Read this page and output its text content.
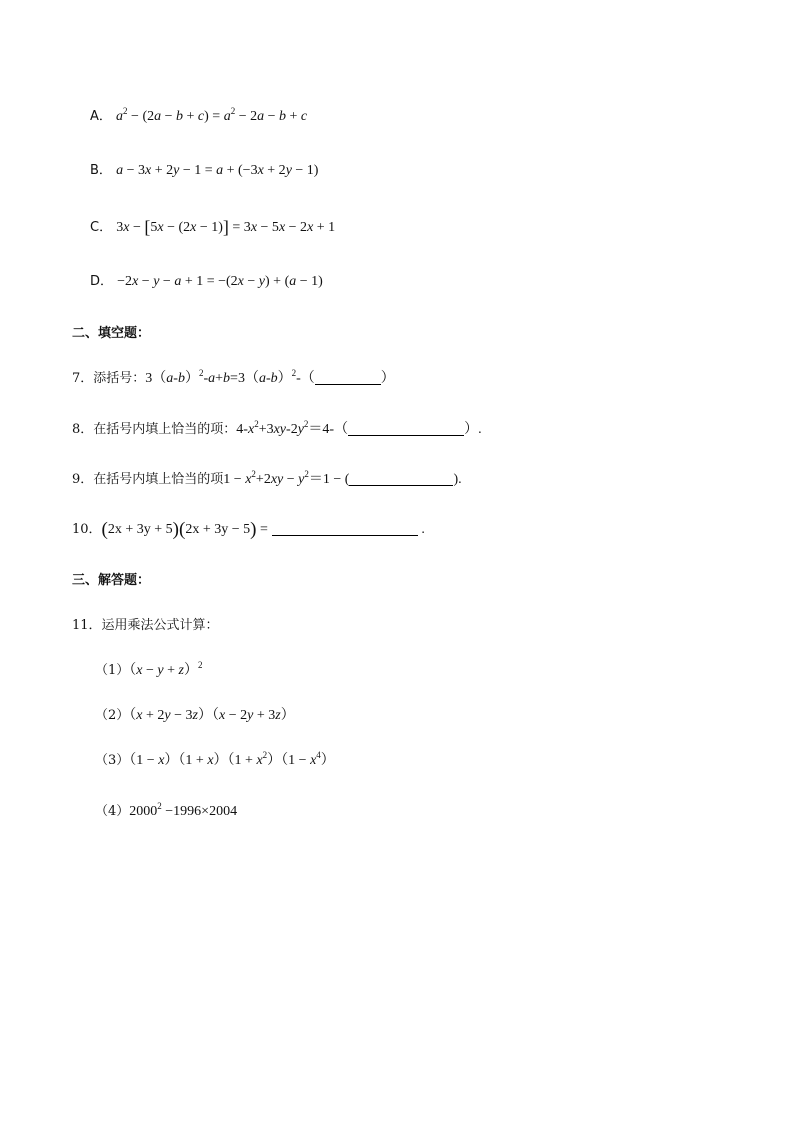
A． $a^2 - (2a - b + c) = a^2 - 2a - b + c$
B． a − 3x + 2y − 1 = a + (−3x + 2y − 1)
C． 3x − [5x − (2x − 1)] = 3x − 5x − 2x + 1
D． −2x − y − a + 1 = −(2x − y) + (a − 1)
二、填空题：
7．添括号：$3(a-b)^2-a+b=3(a-b)^2-$（	）
8．在括号内填上恰当的项：$4-x^2+3xy-2y^2=4-$（	）.
9．在括号内填上恰当的项$1 - x^2+2xy - y^2=1$ − (	).
10．(2x + 3y + 5)(2x + 3y − 5) =	.
三、解答题：
11．运用乘法公式计算：
$(1)(x - y + z)^2$
（2）（x + 2y − 3z）（x − 2y + 3z）
$(3)(1 - x)(1 + x)(1 + x^2)(1 - x^4)$
$(4)2000^2 -1996\times 2004$
